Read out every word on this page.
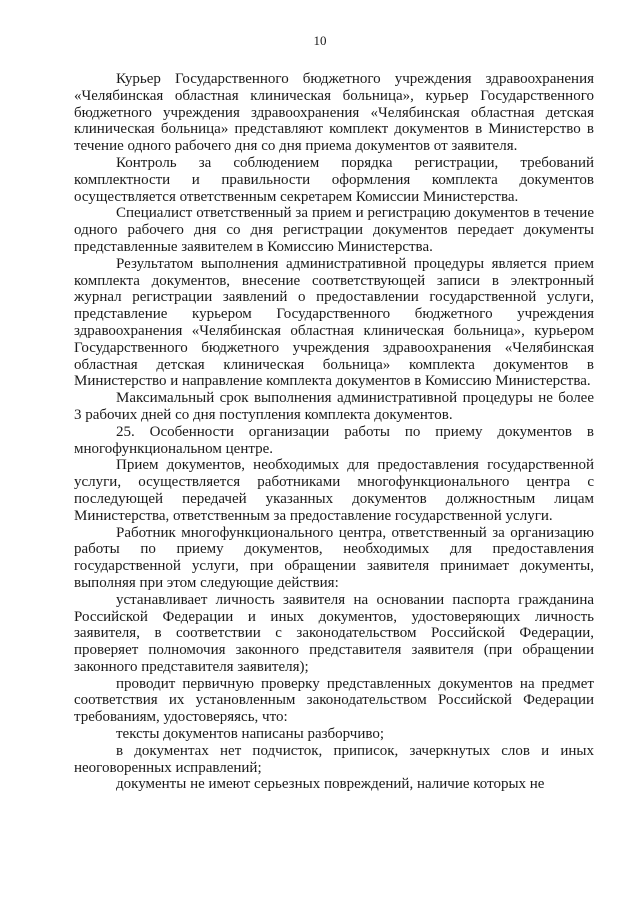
10

Курьер Государственного бюджетного учреждения здравоохранения «Челябинская областная клиническая больница», курьер Государственного бюджетного учреждения здравоохранения «Челябинская областная детская клиническая больница» представляют комплект документов в Министерство в течение одного рабочего дня со дня приема документов от заявителя.

Контроль за соблюдением порядка регистрации, требований комплектности и правильности оформления комплекта документов осуществляется ответственным секретарем Комиссии Министерства.

Специалист ответственный за прием и регистрацию документов в течение одного рабочего дня со дня регистрации документов передает документы представленные заявителем в Комиссию Министерства.

Результатом выполнения административной процедуры является прием комплекта документов, внесение соответствующей записи в электронный журнал регистрации заявлений о предоставлении государственной услуги, представление курьером Государственного бюджетного учреждения здравоохранения «Челябинская областная клиническая больница», курьером Государственного бюджетного учреждения здравоохранения «Челябинская областная детская клиническая больница» комплекта документов в Министерство и направление комплекта документов в Комиссию Министерства.

Максимальный срок выполнения административной процедуры не более 3 рабочих дней со дня поступления комплекта документов.

25. Особенности организации работы по приему документов в многофункциональном центре.

Прием документов, необходимых для предоставления государственной услуги, осуществляется работниками многофункционального центра с последующей передачей указанных документов должностным лицам Министерства, ответственным за предоставление государственной услуги.

Работник многофункционального центра, ответственный за организацию работы по приему документов, необходимых для предоставления государственной услуги, при обращении заявителя принимает документы, выполняя при этом следующие действия:

устанавливает личность заявителя на основании паспорта гражданина Российской Федерации и иных документов, удостоверяющих личность заявителя, в соответствии с законодательством Российской Федерации, проверяет полномочия законного представителя заявителя (при обращении законного представителя заявителя);

проводит первичную проверку представленных документов на предмет соответствия их установленным законодательством Российской Федерации требованиям, удостоверяясь, что:

тексты документов написаны разборчиво;

в документах нет подчисток, приписок, зачеркнутых слов и иных неоговоренных исправлений;

документы не имеют серьезных повреждений, наличие которых не
